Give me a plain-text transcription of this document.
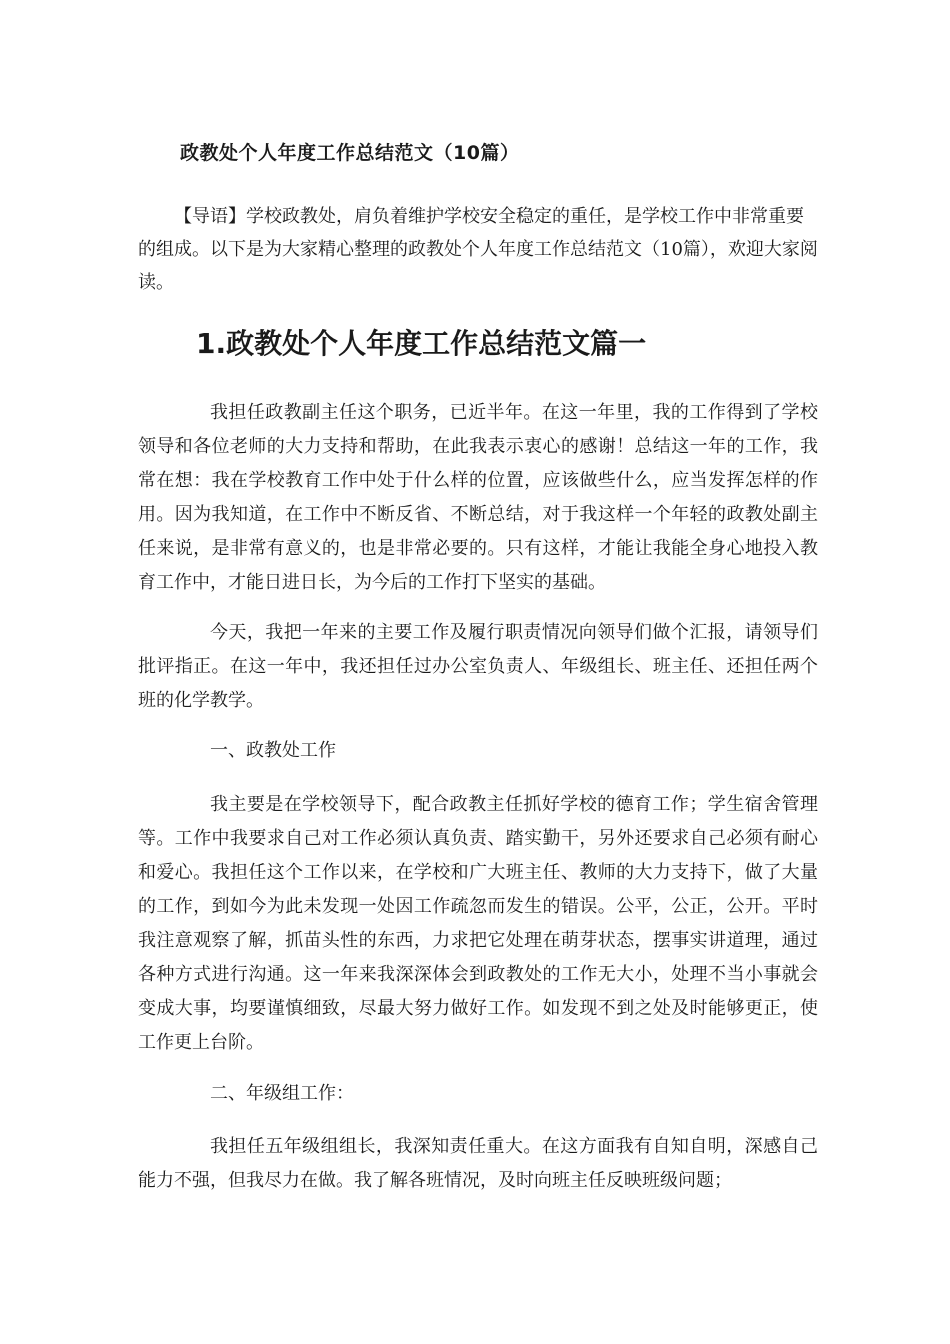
政教处个人年度工作总结范文（10篇）

【导语】学校政教处，肩负着维护学校安全稳定的重任，是学校工作中非常重要的组成。以下是为大家精心整理的政教处个人年度工作总结范文（10篇），欢迎大家阅读。

1.政教处个人年度工作总结范文篇一

我担任政教副主任这个职务，已近半年。在这一年里，我的工作得到了学校领导和各位老师的大力支持和帮助，在此我表示衷心的感谢！总结这一年的工作，我常在想：我在学校教育工作中处于什么样的位置，应该做些什么，应当发挥怎样的作用。因为我知道，在工作中不断反省、不断总结，对于我这样一个年轻的政教处副主任来说，是非常有意义的，也是非常必要的。只有这样，才能让我能全身心地投入教育工作中，才能日进日长，为今后的工作打下坚实的基础。

今天，我把一年来的主要工作及履行职责情况向领导们做个汇报，请领导们批评指正。在这一年中，我还担任过办公室负责人、年级组长、班主任、还担任两个班的化学教学。

一、政教处工作

我主要是在学校领导下，配合政教主任抓好学校的德育工作；学生宿舍管理等。工作中我要求自己对工作必须认真负责、踏实勤干，另外还要求自己必须有耐心和爱心。我担任这个工作以来，在学校和广大班主任、教师的大力支持下，做了大量的工作，到如今为此未发现一处因工作疏忽而发生的错误。公平，公正，公开。平时我注意观察了解，抓苗头性的东西，力求把它处理在萌芽状态，摆事实讲道理，通过各种方式进行沟通。这一年来我深深体会到政教处的工作无大小，处理不当小事就会变成大事，均要谨慎细致，尽最大努力做好工作。如发现不到之处及时能够更正，使工作更上台阶。

二、年级组工作：

我担任五年级组组长，我深知责任重大。在这方面我有自知自明，深感自己能力不强，但我尽力在做。我了解各班情况，及时向班主任反映班级问题；
